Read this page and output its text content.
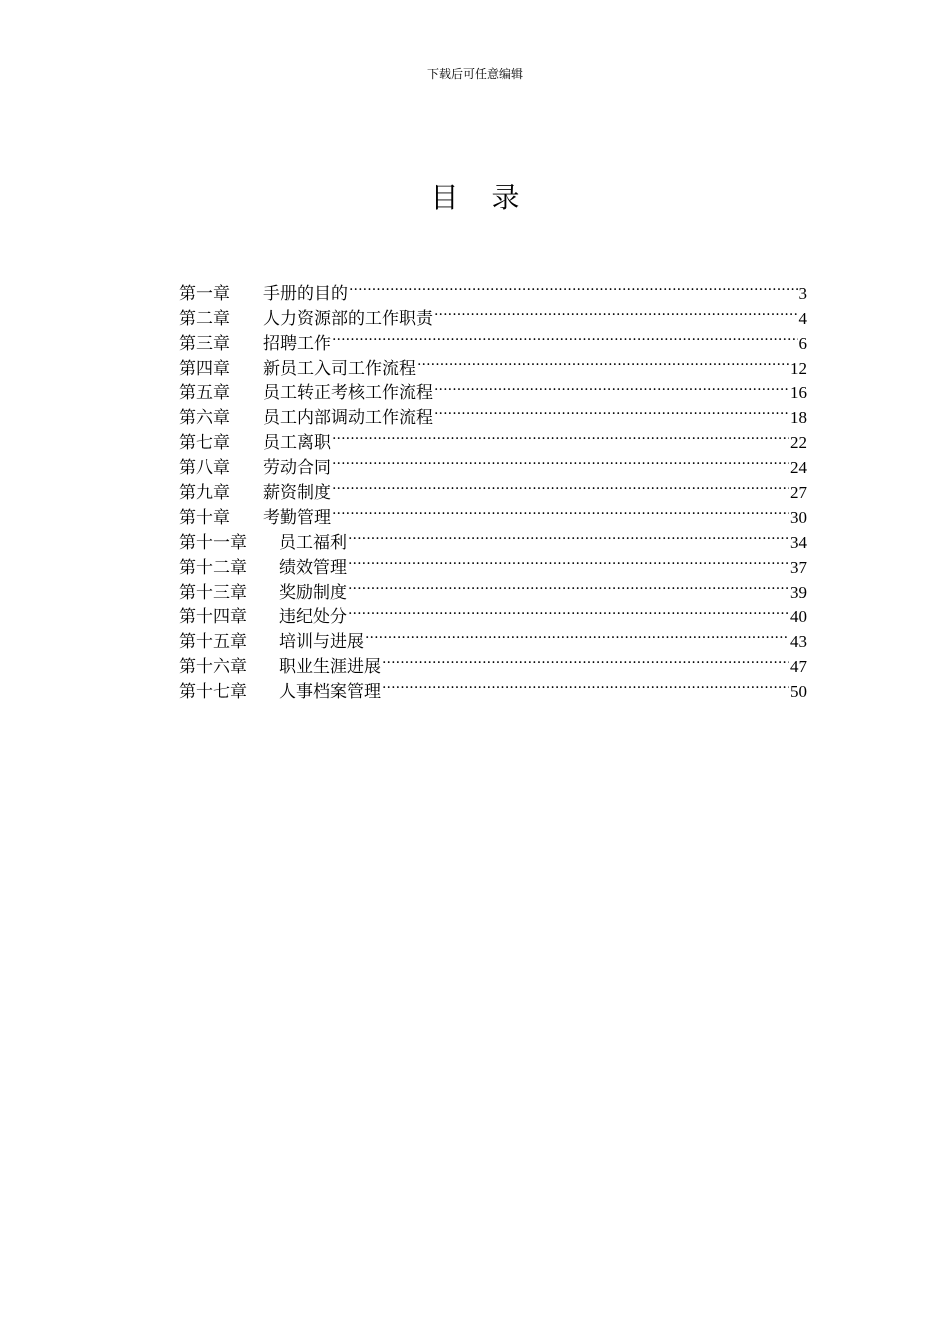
下载后可任意编辑
目 录
第一章	手册的目的 .....	3
第二章	人力资源部的工作职责 .....	4
第三章	招聘工作 .....	6
第四章	新员工入司工作流程 .....	12
第五章	员工转正考核工作流程 .....	16
第六章	员工内部调动工作流程 .....	18
第七章	员工离职 .....	22
第八章	劳动合同 .....	24
第九章	薪资制度 .....	27
第十章	考勤管理 .....	30
第十一章	员工福利 .....	34
第十二章	绩效管理 .....	37
第十三章	奖励制度 .....	39
第十四章	违纪处分 .....	40
第十五章	培训与进展 .....	43
第十六章	职业生涯进展 .....	47
第十七章	人事档案管理 .....	50
